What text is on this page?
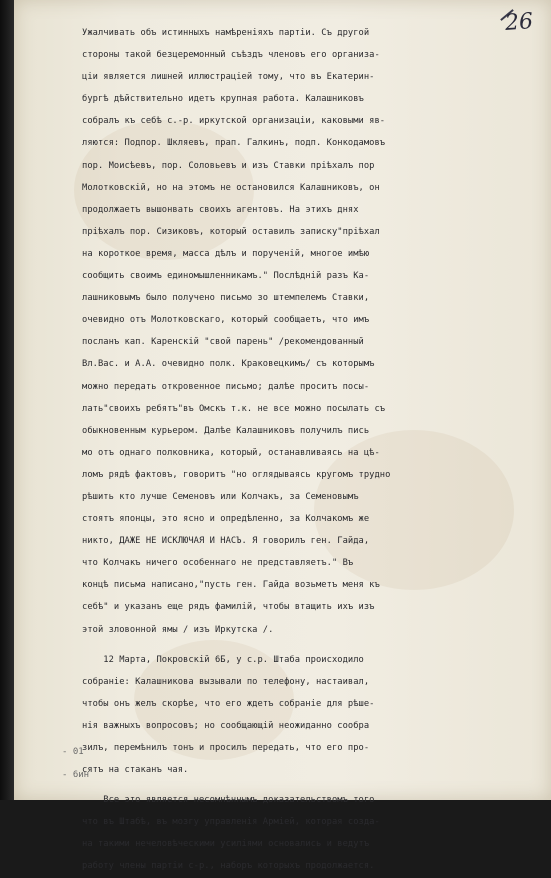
26
- 01
- 6ин
Ужалчивать объ истинныхъ намѣреніяхъ партіи. Съ другой
стороны такой безцеремонный съѣздъ членовъ его организа-
ціи является лишней иллюстраціей тому, что въ Екатерин-
бургѣ дѣйствительно идетъ крупная работа. Калашниковъ
собралъ къ себѣ с.-р. иркутской организаціи, каковыми яв-
ляются: Подпор. Шкляевъ, прап. Галкинъ, подп. Конкодамовъ
пор. Моисѣевъ, пор. Соловьевъ и изъ Ставки пріѣхалъ пор
Молотковскій, но на этомъ не остановился Калашниковъ, он
продолжаетъ вышонвать своихъ агентовъ. На этихъ днях
пріѣхалъ пор. Сизиковъ, который оставилъ записку"пріѣхал
на короткое время, масса дѣлъ и порученій, многое имѣю
сообщить своимъ единомышленникамъ." Послѣдній разъ Ка-
лашниковымъ было получено письмо зо штемпелемъ Ставки,
очевидно отъ Молотковскаго, который сообщаетъ, что имъ
посланъ кап. Каренскій "свой парень" /рекомендованный
Вл.Вас. и А.А. очевидно полк. Краковецкимъ/ съ которымъ
можно передать откровенное письмо; далѣе проситъ посы-
лать"своихъ ребятъ"въ Омскъ т.к. не все можно посылать съ
обыкновенным курьером. Далѣе Калашниковъ получилъ пись
мо отъ однаго полковника, который, останавливаясь на цѣ-
ломъ рядѣ фактовъ, говоритъ "но оглядываясь кругомъ трудно
рѣшить кто лучше Семеновъ или Колчакъ, за Семеновымъ
стоятъ японцы, это ясно и опредѣленно, за Колчакомъ же
никто, ДАЖЕ НЕ ИСКЛЮЧАЯ И НАСЪ. Я говорилъ ген. Гайда,
что Колчакъ ничего особеннаго не представляетъ." Въ
концѣ письма написано,"пусть ген. Гайда возьметъ меня къ
себѣ" и указанъ еще рядъ фамилій, чтобы втащить ихъ изъ
этой зловонной ямы / изъ Иркутска /.
12 Марта, Покровскій 6Б, у с.р. Штаба происходило
собраніе: Калашникова вызывали по телефону, настаивал,
чтобы онъ желъ скорѣе, что его ждетъ собраніе для рѣше-
нія важныхъ вопросовъ; но сообщающій неожиданно сообра
зилъ, перемѣнилъ тонъ и просилъ передать, что его про-
сятъ на стаканъ чая.
Все это является несомнѣннымъ доказательствомъ того
что въ Штабѣ, въ мозгу управленія Арміей, которая созда-
на такими нечеловѣческими усиліями основались и ведутъ
работу члены партіи с-р., наборъ которыхъ продолжается.
